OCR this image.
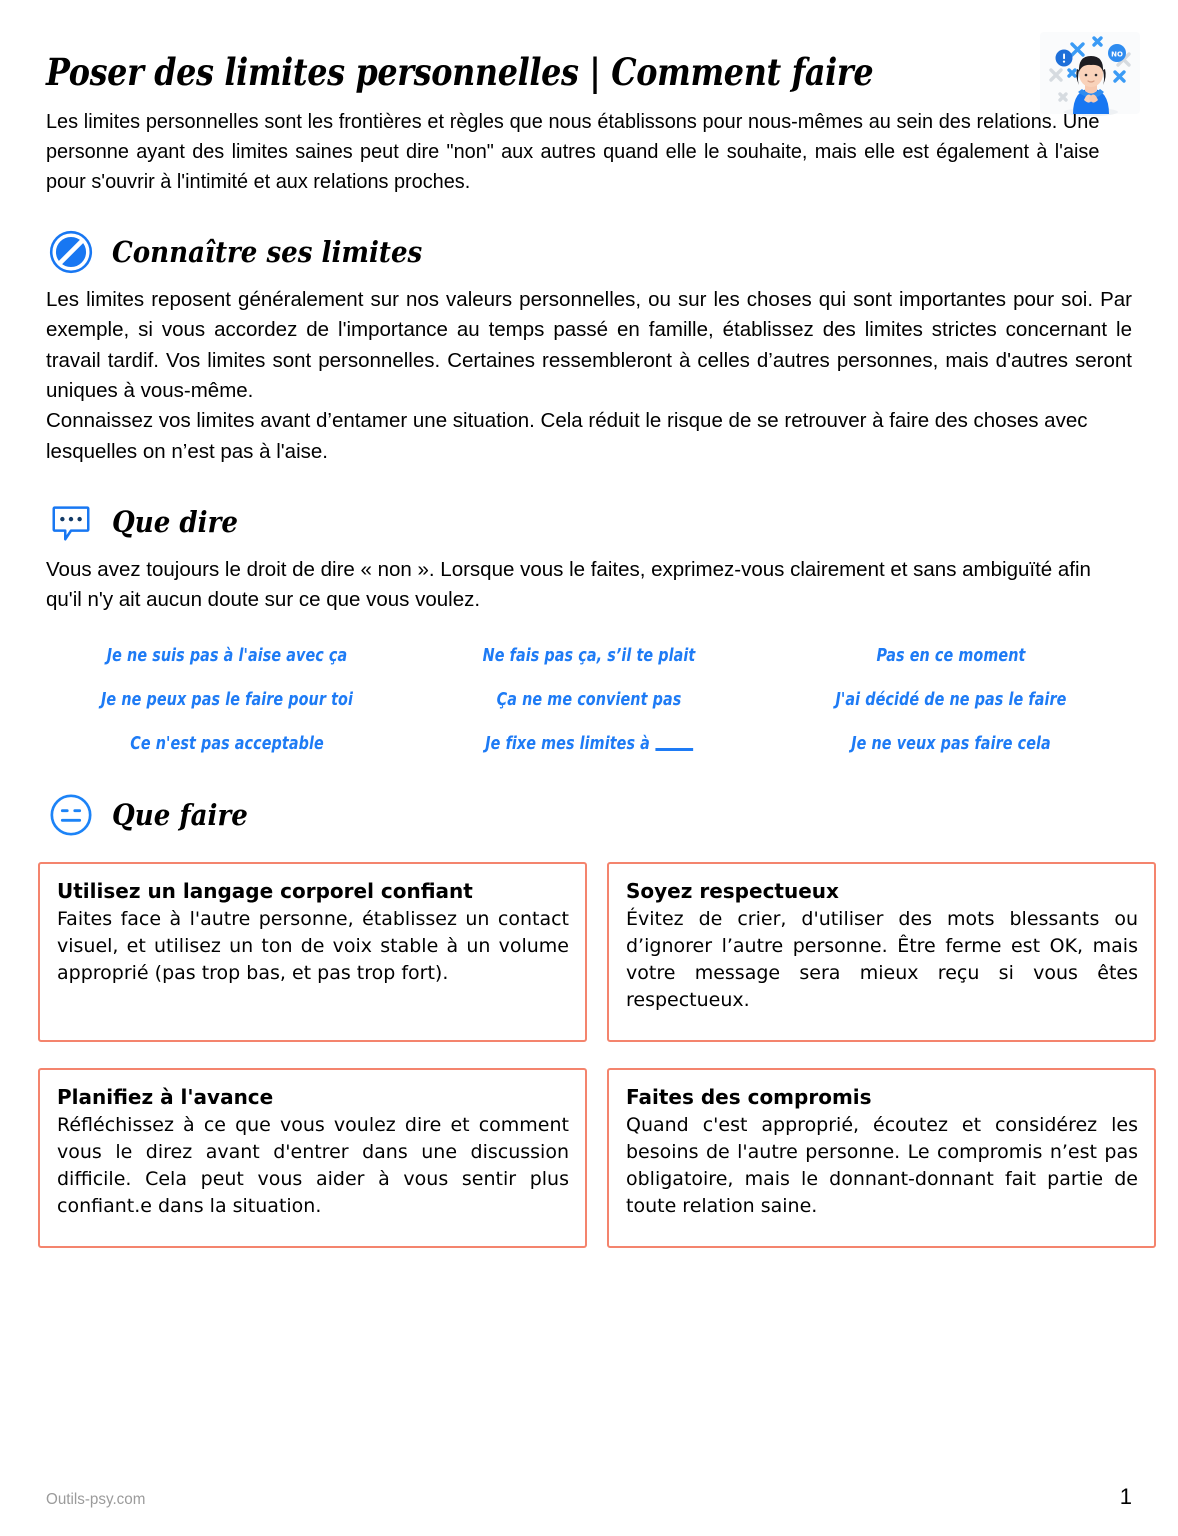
Poser des limites personnelles | Comment faire	NO

Les limites personnelles sont les frontières et règles que nous établissons pour nous-mêmes au sein des relations. Une personne ayant des limites saines peut dire "non" aux autres quand elle le souhaite, mais elle est également à l'aise pour s'ouvrir à l'intimité et aux relations proches.

Connaître ses limites

Les limites reposent généralement sur nos valeurs personnelles, ou sur les choses qui sont importantes pour soi. Par exemple, si vous accordez de l'importance au temps passé en famille, établissez des limites strictes concernant le travail tardif. Vos limites sont personnelles. Certaines ressembleront à celles d’autres personnes, mais d'autres seront uniques à vous-même.

Connaissez vos limites avant d’entamer une situation. Cela réduit le risque de se retrouver à faire des choses avec lesquelles on n’est pas à l'aise.

Que dire

Vous avez toujours le droit de dire « non ». Lorsque vous le faites, exprimez-vous clairement et sans ambiguïté afin qu'il n'y ait aucun doute sur ce que vous voulez.

Je ne suis pas à l'aise avec ça	Ne fais pas ça, s’il te plait	Pas en ce moment
Je ne peux pas le faire pour toi	Ça ne me convient pas	J'ai décidé de ne pas le faire
Ce n'est pas acceptable	Je fixe mes limites à	Je ne veux pas faire cela
Que faire
Utilisez un langage corporel confiant
Faites face à l'autre personne, établissez un contact visuel, et utilisez un ton de voix stable à un volume approprié (pas trop bas, et pas trop fort).
Soyez respectueux
Évitez de crier, d'utiliser des mots blessants ou d’ignorer l’autre personne. Être ferme est OK, mais votre message sera mieux reçu si vous êtes respectueux.
Planifiez à l'avance
Réfléchissez à ce que vous voulez dire et comment vous le direz avant d'entrer dans une discussion difficile. Cela peut vous aider à vous sentir plus confiant.e dans la situation.
Faites des compromis
Quand c'est approprié, écoutez et considérez les besoins de l'autre personne. Le compromis n’est pas obligatoire, mais le donnant-donnant fait partie de toute relation saine.
Outils-psy.com	1
